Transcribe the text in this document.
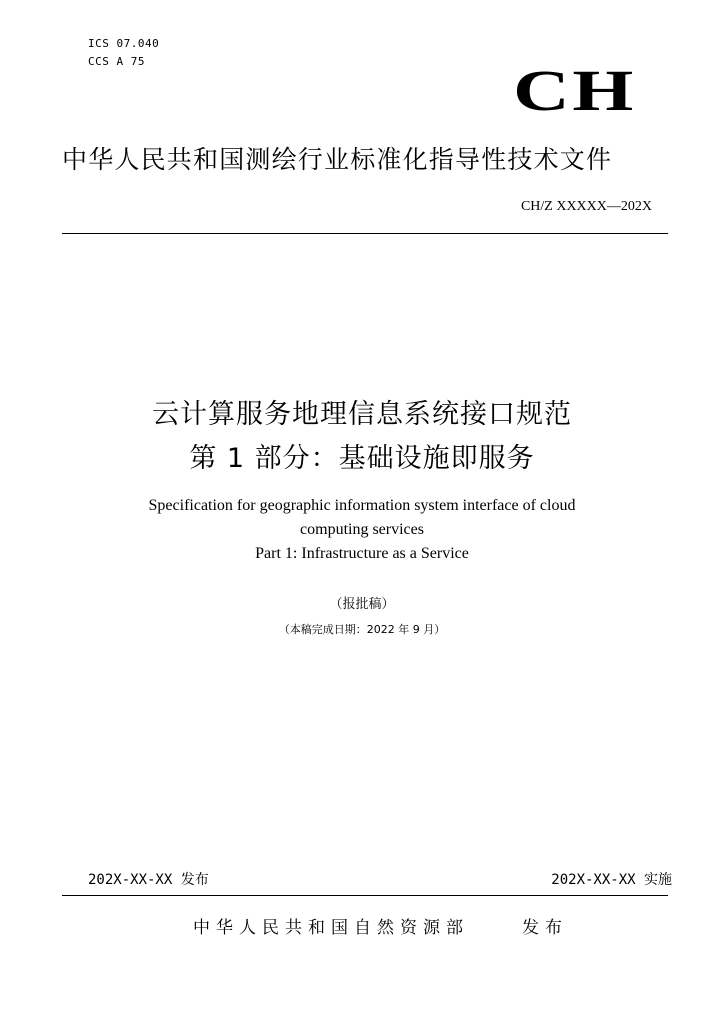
ICS 07.040
CCS A 75	CH
中华人民共和国测绘行业标准化指导性技术文件
CH/Z XXXXX—202X
云计算服务地理信息系统接口规范
第 1 部分：基础设施即服务
Specification for geographic information system interface of cloud
computing services
Part 1: Infrastructure as a Service
（报批稿）
（本稿完成日期：2022 年 9 月）
202X-XX-XX 发布	202X-XX-XX 实施
中华人民共和国自然资源部	发布
